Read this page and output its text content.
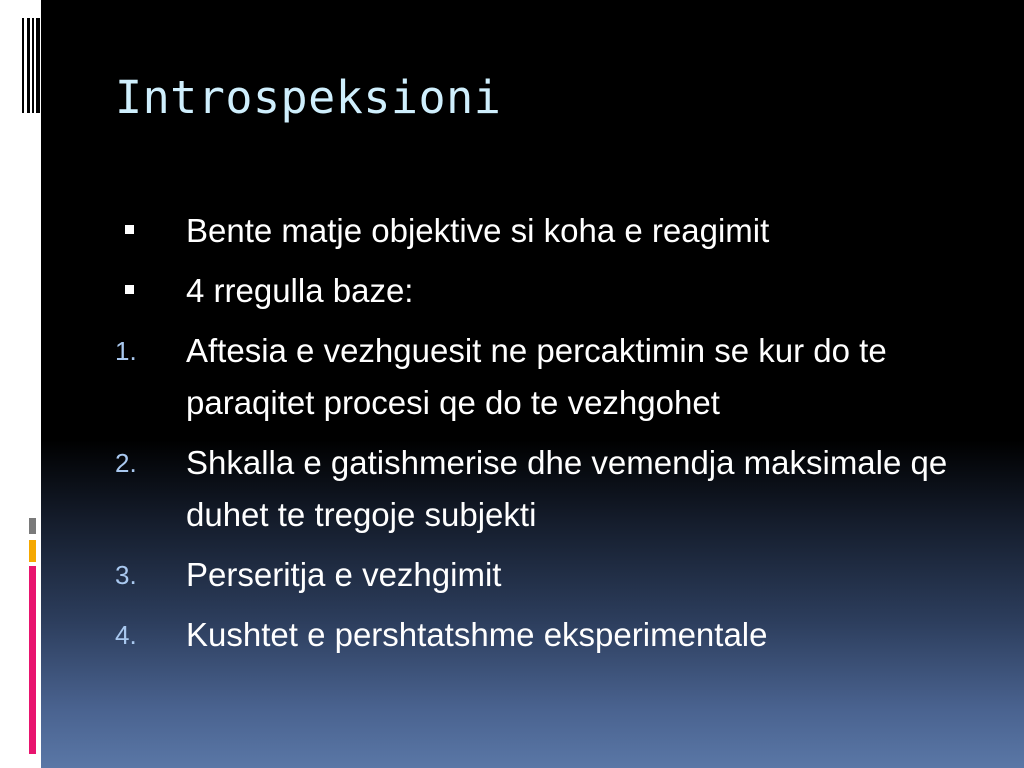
Introspeksioni
Bente matje objektive si koha e reagimit
4 rregulla baze:
1.	Aftesia e vezhguesit ne percaktimin se kur do te paraqitet procesi qe do te vezhgohet
2.	Shkalla e gatishmerise dhe vemendja maksimale qe duhet te tregoje subjekti
3.	Perseritja e vezhgimit
4.	Kushtet e pershtatshme eksperimentale
